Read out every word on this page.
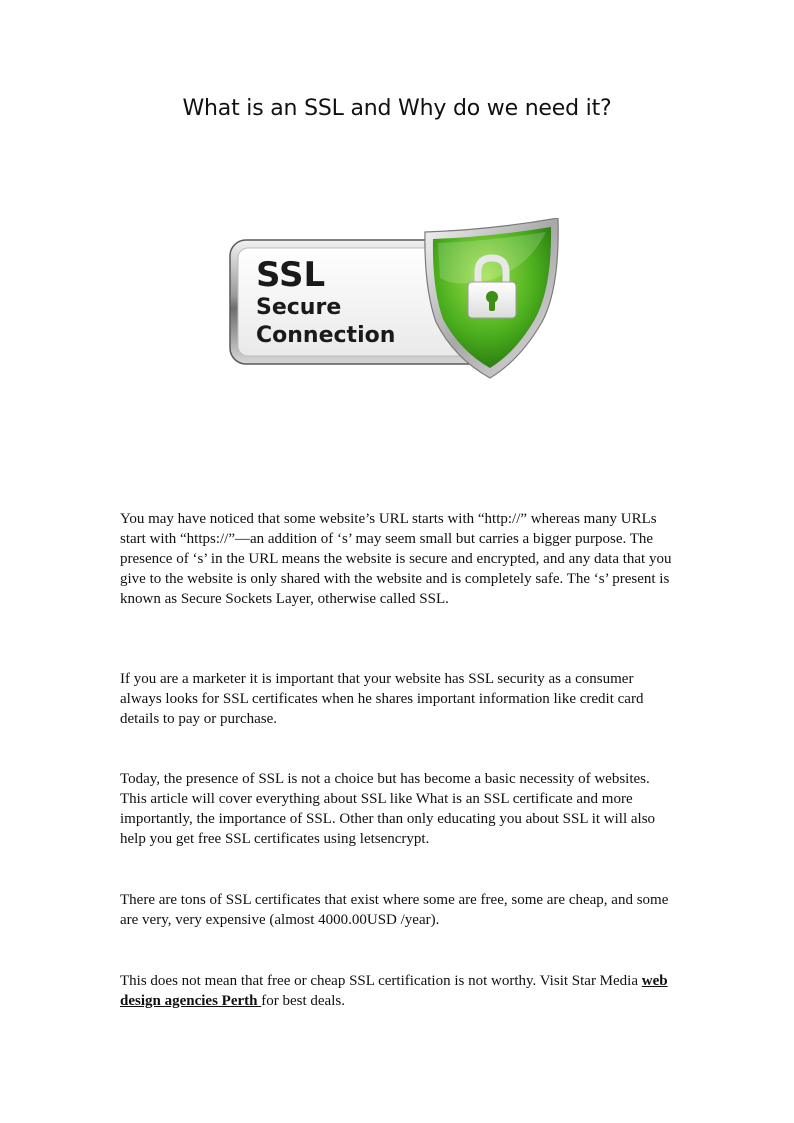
What is an SSL and Why do we need it?
SSL
Secure
Connection

You may have noticed that some website’s URL starts with “http://” whereas many URLs start with “https://”—an addition of ‘s’ may seem small but carries a bigger purpose. The presence of ‘s’ in the URL means the website is secure and encrypted, and any data that you give to the website is only shared with the website and is completely safe. The ‘s’ present is known as Secure Sockets Layer, otherwise called SSL.

If you are a marketer it is important that your website has SSL security as a consumer always looks for SSL certificates when he shares important information like credit card details to pay or purchase.

Today, the presence of SSL is not a choice but has become a basic necessity of websites. This article will cover everything about SSL like What is an SSL certificate and more importantly, the importance of SSL. Other than only educating you about SSL it will also help you get free SSL certificates using letsencrypt.

There are tons of SSL certificates that exist where some are free, some are cheap, and some are very, very expensive (almost 4000.00USD /year).

This does not mean that free or cheap SSL certification is not worthy. Visit Star Media web design agencies Perth for best deals.
